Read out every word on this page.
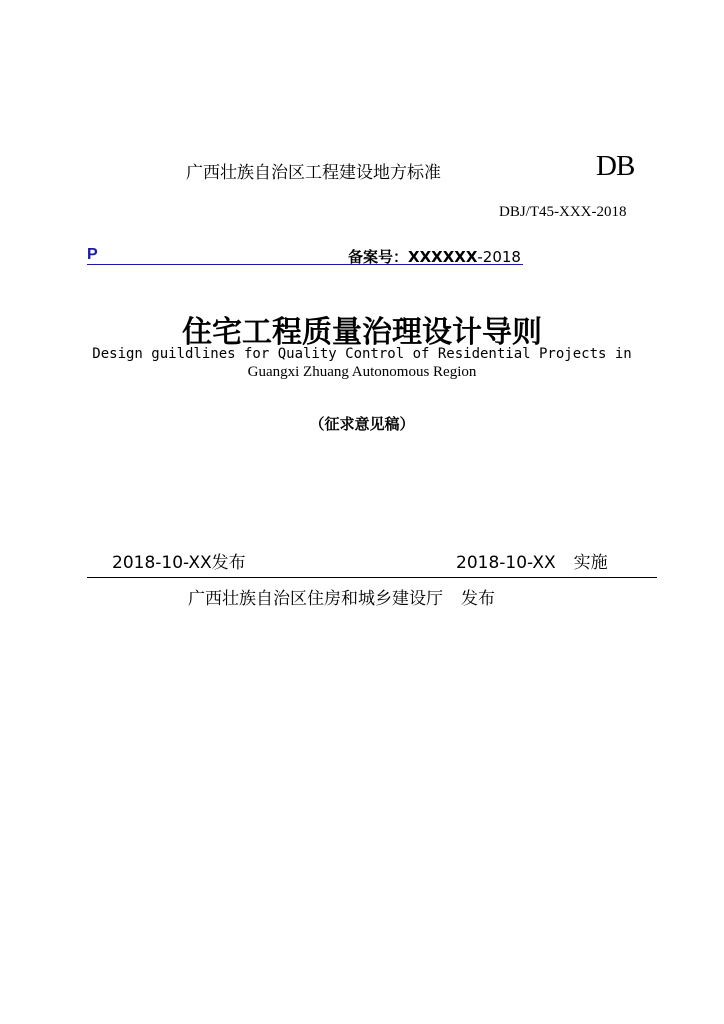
广西壮族自治区工程建设地方标准	DB
DBJ/T45-XXX-2018
P	备案号：XXXXXX-2018
住宅工程质量治理设计导则
Design guildlines for Quality Control of Residential Projects in
Guangxi Zhuang Autonomous Region
（征求意见稿）
2018-10-XX发布	2018-10-XX 实施
广西壮族自治区住房和城乡建设厅 发布
